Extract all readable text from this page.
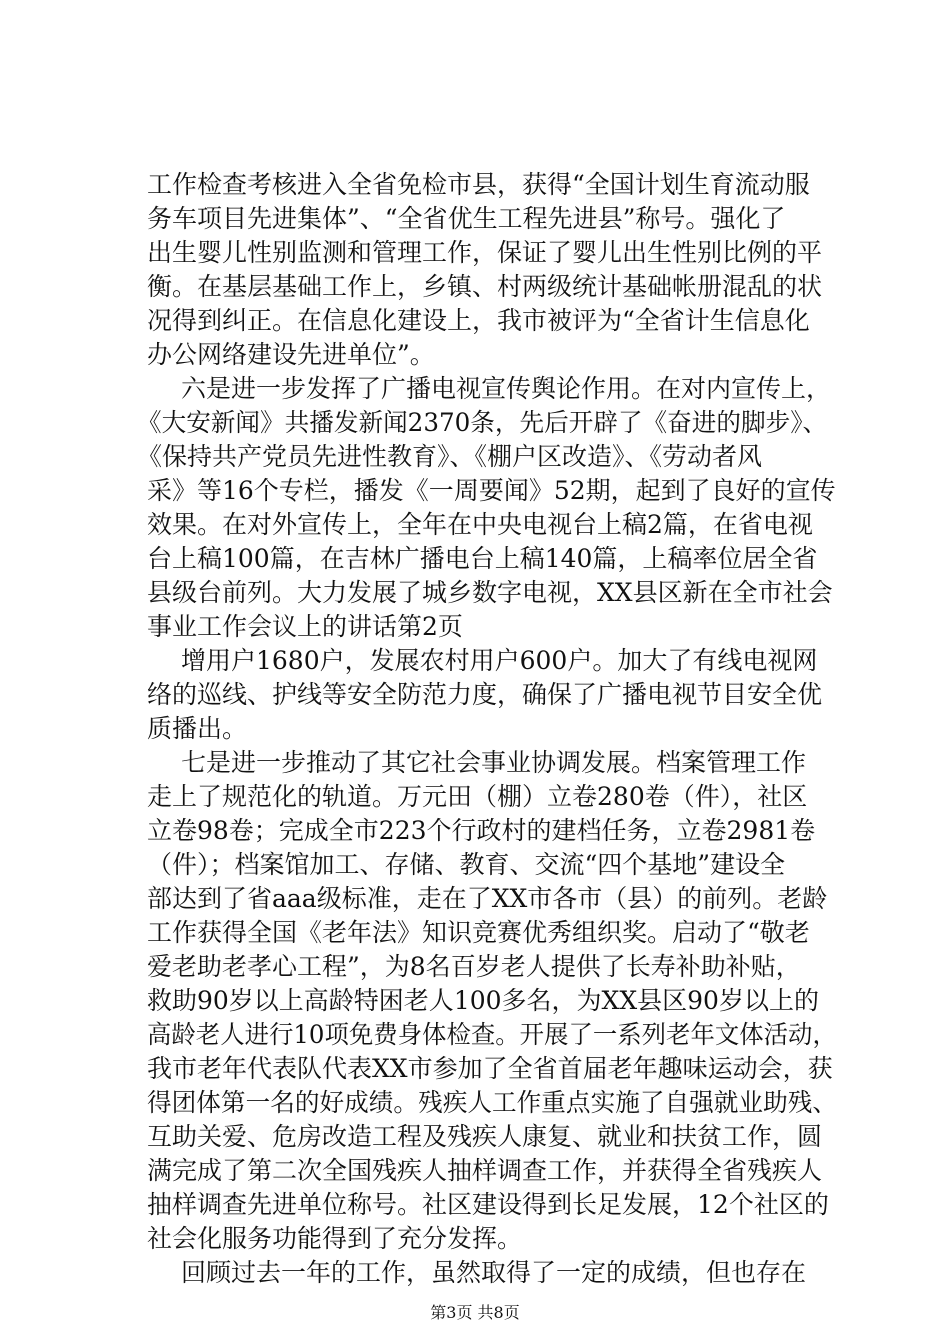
工作检查考核进入全省免检市县，获得“全国计划生育流动服
务车项目先进集体”、“全省优生工程先进县”称号。强化了
出生婴儿性别监测和管理工作，保证了婴儿出生性别比例的平
衡。在基层基础工作上，乡镇、村两级统计基础帐册混乱的状
况得到纠正。在信息化建设上，我市被评为“全省计生信息化
办公网络建设先进单位”。
六是进一步发挥了广播电视宣传舆论作用。在对内宣传上，
《大安新闻》共播发新闻2370条，先后开辟了《奋进的脚步》、
《保持共产党员先进性教育》、《棚户区改造》、《劳动者风
采》等16个专栏，播发《一周要闻》52期，起到了良好的宣传
效果。在对外宣传上，全年在中央电视台上稿2篇，在省电视
台上稿100篇，在吉林广播电台上稿140篇，上稿率位居全省
县级台前列。大力发展了城乡数字电视，XX县区新在全市社会
事业工作会议上的讲话第2页
增用户1680户，发展农村用户600户。加大了有线电视网
络的巡线、护线等安全防范力度，确保了广播电视节目安全优
质播出。
七是进一步推动了其它社会事业协调发展。档案管理工作
走上了规范化的轨道。万元田（棚）立卷280卷（件），社区
立卷98卷；完成全市223个行政村的建档任务，立卷2981卷
（件）；档案馆加工、存储、教育、交流“四个基地”建设全
部达到了省aaa级标准，走在了XX市各市（县）的前列。老龄
工作获得全国《老年法》知识竞赛优秀组织奖。启动了“敬老
爱老助老孝心工程”，为8名百岁老人提供了长寿补助补贴，
救助90岁以上高龄特困老人100多名，为XX县区90岁以上的
高龄老人进行10项免费身体检查。开展了一系列老年文体活动，
我市老年代表队代表XX市参加了全省首届老年趣味运动会，获
得团体第一名的好成绩。残疾人工作重点实施了自强就业助残、
互助关爱、危房改造工程及残疾人康复、就业和扶贫工作，圆
满完成了第二次全国残疾人抽样调查工作，并获得全省残疾人
抽样调查先进单位称号。社区建设得到长足发展，12个社区的
社会化服务功能得到了充分发挥。
回顾过去一年的工作，虽然取得了一定的成绩，但也存在
第3页 共8页
